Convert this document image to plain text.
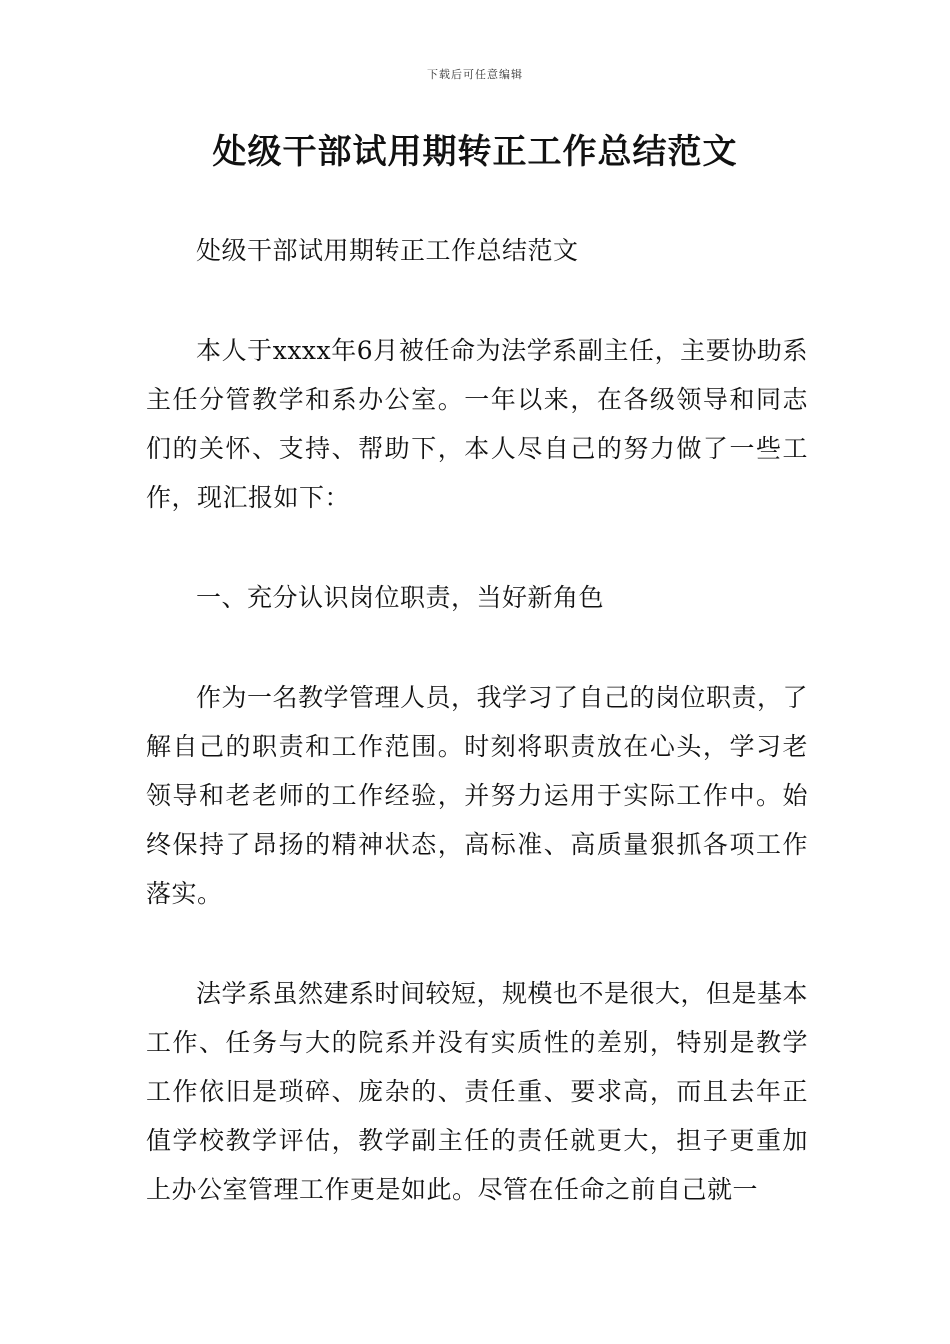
下载后可任意编辑
处级干部试用期转正工作总结范文

处级干部试用期转正工作总结范文

本人于xxxx年6月被任命为法学系副主任，主要协助系主任分管教学和系办公室。一年以来，在各级领导和同志们的关怀、支持、帮助下，本人尽自己的努力做了一些工作，现汇报如下：

一、充分认识岗位职责，当好新角色

作为一名教学管理人员，我学习了自己的岗位职责，了解自己的职责和工作范围。时刻将职责放在心头，学习老领导和老老师的工作经验，并努力运用于实际工作中。始终保持了昂扬的精神状态，高标准、高质量狠抓各项工作落实。

法学系虽然建系时间较短，规模也不是很大，但是基本工作、任务与大的院系并没有实质性的差别，特别是教学工作依旧是琐碎、庞杂的、责任重、要求高，而且去年正值学校教学评估，教学副主任的责任就更大，担子更重加上办公室管理工作更是如此。尽管在任命之前自己就一
